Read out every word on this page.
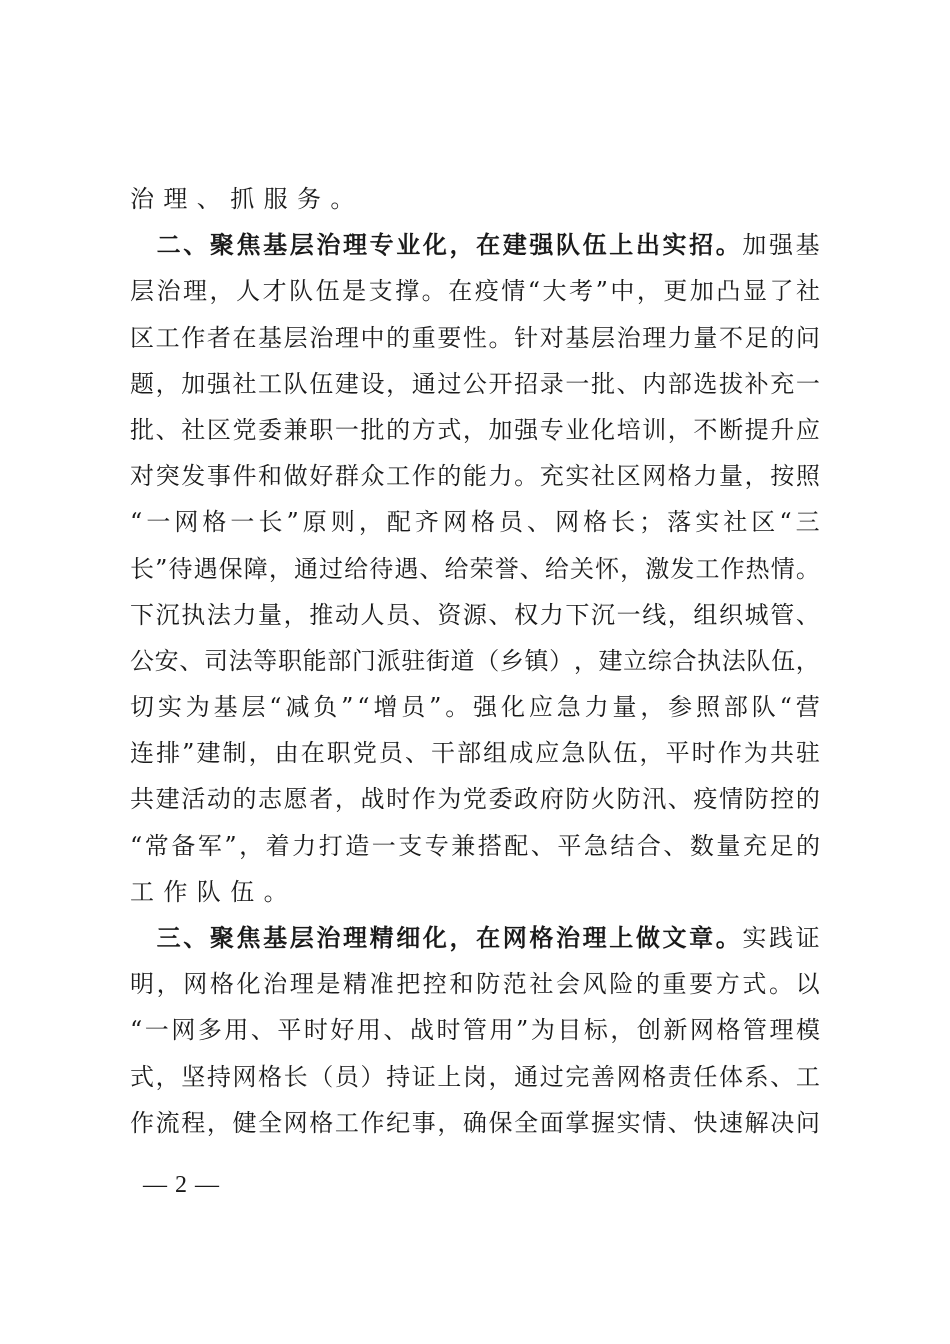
治理、抓服务。
二 、 聚 焦 基 层 治 理 专 业 化 ， 在 建 强 队 伍 上 出 实 招 。 加 强 基
层 治 理 ， 人 才 队 伍 是 支 撑 。 在 疫 情 “ 大 考 ” 中 ， 更 加 凸 显 了 社
区 工 作 者 在 基 层 治 理 中 的 重 要 性 。 针 对 基 层 治 理 力 量 不 足 的 问
题 ， 加 强 社 工 队 伍 建 设 ， 通 过 公 开 招 录 一 批 、 内 部 选 拔 补 充 一
批 、 社 区 党 委 兼 职 一 批 的 方 式 ， 加 强 专 业 化 培 训 ， 不 断 提 升 应
对 突 发 事 件 和 做 好 群 众 工 作 的 能 力 。 充 实 社 区 网 格 力 量 ， 按 照
“ 一 网 格 一 长 ” 原 则 ， 配 齐 网 格 员 、 网 格 长 ； 落 实 社 区 “ 三
长 ” 待 遇 保 障 ， 通 过 给 待 遇 、 给 荣 誉 、 给 关 怀 ， 激 发 工 作 热 情 。
下 沉 执 法 力 量 ， 推 动 人 员 、 资 源 、 权 力 下 沉 一 线 ， 组 织 城 管 、
公 安 、 司 法 等 职 能 部 门 派 驻 街 道 （ 乡 镇 ） ， 建 立 综 合 执 法 队 伍 ，
切 实 为 基 层 “ 减 负 ” “ 增 员 ” 。 强 化 应 急 力 量 ， 参 照 部 队 “ 营
连 排 ” 建 制 ， 由 在 职 党 员 、 干 部 组 成 应 急 队 伍 ， 平 时 作 为 共 驻
共 建 活 动 的 志 愿 者 ， 战 时 作 为 党 委 政 府 防 火 防 汛 、 疫 情 防 控 的
“ 常 备 军 ” ， 着 力 打 造 一 支 专 兼 搭 配 、 平 急 结 合 、 数 量 充 足 的
工作队伍。
三 、 聚 焦 基 层 治 理 精 细 化 ， 在 网 格 治 理 上 做 文 章 。 实 践 证
明 ， 网 格 化 治 理 是 精 准 把 控 和 防 范 社 会 风 险 的 重 要 方 式 。 以
“ 一 网 多 用 、 平 时 好 用 、 战 时 管 用 ” 为 目 标 ， 创 新 网 格 管 理 模
式 ， 坚 持 网 格 长 （ 员 ） 持 证 上 岗 ， 通 过 完 善 网 格 责 任 体 系 、 工
作 流 程 ， 健 全 网 格 工 作 纪 事 ， 确 保 全 面 掌 握 实 情 、 快 速 解 决 问
— 2 —
